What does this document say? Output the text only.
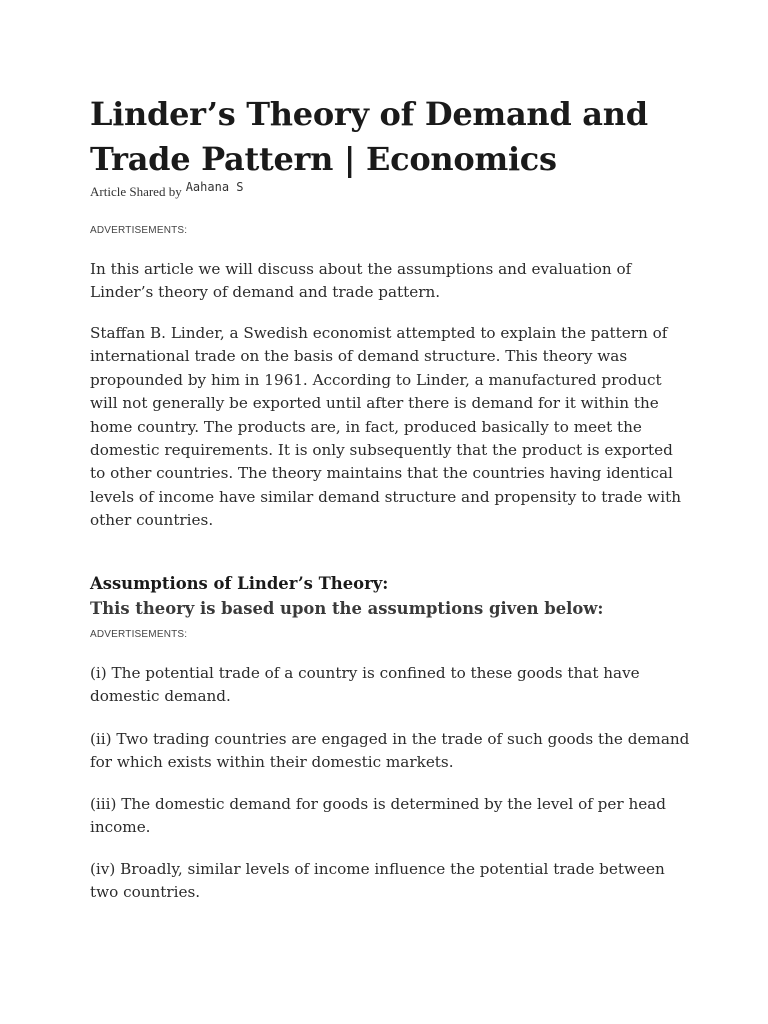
Linder’s Theory of Demand and Trade Pattern | Economics
Article Shared by Aahana S
ADVERTISEMENTS:

In this article we will discuss about the assumptions and evaluation of Linder’s theory of demand and trade pattern.

Staffan B. Linder, a Swedish economist attempted to explain the pattern of international trade on the basis of demand structure. This theory was propounded by him in 1961. According to Linder, a manufactured product will not generally be exported until after there is demand for it within the home country. The products are, in fact, produced basically to meet the domestic requirements. It is only subsequently that the product is exported to other countries. The theory maintains that the countries having identical levels of income have similar demand structure and propensity to trade with other countries.

Assumptions of Linder’s Theory:
This theory is based upon the assumptions given below:
ADVERTISEMENTS:

(i) The potential trade of a country is confined to these goods that have domestic demand.

(ii) Two trading countries are engaged in the trade of such goods the demand for which exists within their domestic markets.

(iii) The domestic demand for goods is determined by the level of per head income.

(iv) Broadly, similar levels of income influence the potential trade between two countries.
